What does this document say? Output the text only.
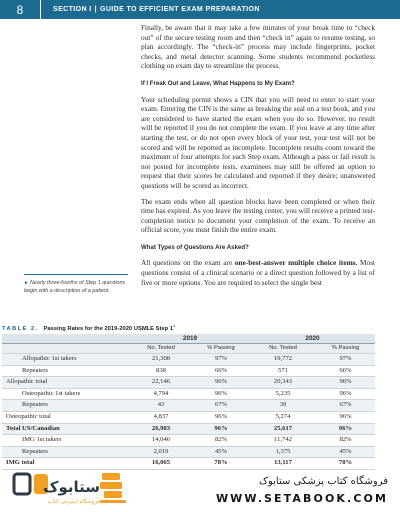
8	SECTION I | GUIDE TO EFFICIENT EXAM PREPARATION

Finally, be aware that it may take a few minutes of your break time to “check out” of the secure testing room and then “check in” again to resume testing, so plan accordingly. The “check-in” process may include fingerprints, pocket checks, and metal detector scanning. Some students recommend pocketless clothing on exam day to streamline the process.

If I Freak Out and Leave, What Happens to My Exam?

Your scheduling permit shows a CIN that you will need to enter to start your exam. Entering the CIN is the same as breaking the seal on a test book, and you are considered to have started the exam when you do so. However, no result will be reported if you do not complete the exam. If you leave at any time after starting the test, or do not open every block of your test, your test will not be scored and will be reported as incomplete. Incomplete results count toward the maximum of four attempts for each Step exam. Although a pass or fail result is not posted for incomplete tests, examinees may still be offered an option to request that their scores be calculated and reported if they desire; unanswered questions will be scored as incorrect.

The exam ends when all question blocks have been completed or when their time has expired. As you leave the testing center, you will receive a printed test-completion notice to document your completion of the exam. To receive an official score, you must finish the entire exam.

What Types of Questions Are Asked?

All questions on the exam are one-best-answer multiple choice items. Most questions consist of a clinical scenario or a direct question followed by a list of five or more options. You are required to select the single best

►Nearly three-fourths of Step 1 questions begin with a description of a patient.
TABLE 2. Passing Rates for the 2019-2020 USMLE Step 1$^a$
	2019		2020	
	No. Tested	% Passing	No. Tested	% Passing
Allopathic 1st takers	21,308	97%	19,772	97%
Repeaters	838	66%	571	66%
Allopathic total	22,146	96%	20,343	96%
Osteopathic 1st takers	4,794	96%	5,235	96%
Repeaters	43	67%	39	67%
Osteopathic total	4,837	96%	5,274	96%
Total US/Canadian	26,983	96%	25,617	96%
IMG 1st takers	14,046	82%	11,742	82%
Repeaters	2,019	45%	1,375	45%
IMG total	16,065	78%	13,117	78%
ستابوک
فروشگاه اینترنتی کتاب
فروشگاه کتاب پزشکی ستابوک
WWW.SETABOOK.COM
